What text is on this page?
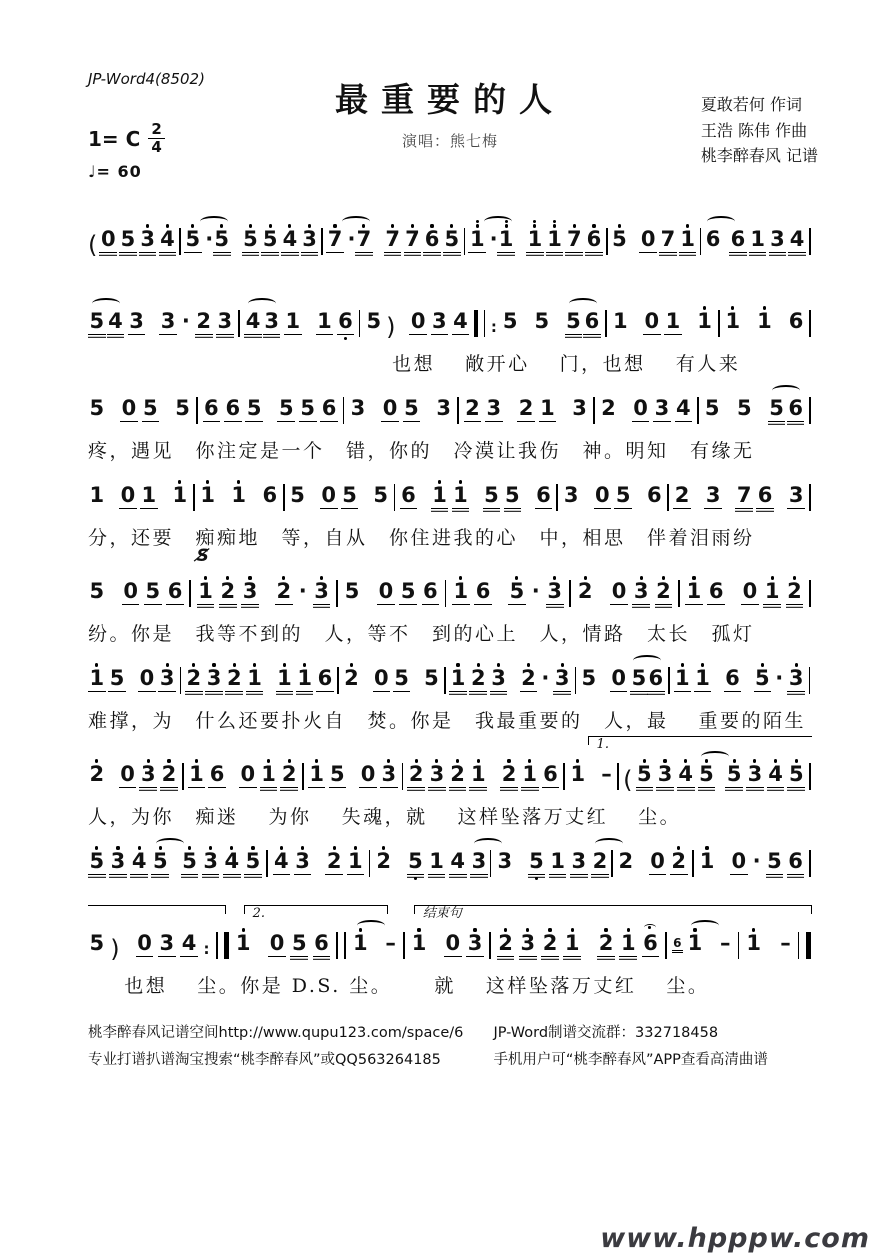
JP-Word4(8502)
最重要的人
演唱：熊七梅
夏敢若何 作词
王浩 陈伟 作曲
桃李醉春风 记谱
1= C $\frac{2}{4}$
♩= 60
( 0 5 3 4 5 · 5 5 5 4 3 7 · 7 7 7 6 5 1 · 1 1 1 7 6 5 0 7 1 6 6 1 3 4
5 4 3 3 · 2 3 4 3 1 1 6 5 ) 0 3 4 : 5 5 5 6 1 0 1 1 1 1 6
也想　 敞开心　 门，也想　 有人来
5 0 5 5 6 6 5 5 5 6 3 0 5 3 2 3 2 1 3 2 0 3 4 5 5 5 6
疼，遇见　你注定是一个　错，你的　冷漠让我伤　神。明知　有缘无
1 0 1 1 1 1 6 5 0 5 5 6 1 1 5 5 6 3 0 5 6 2 3 7 6 3
分，还要　痴痴地　等，自从　你住进我的心　中，相思　伴着泪雨纷
S̸
5 0 5 6 1 2 3 2 · 3 5 0 5 6 1 6 5 · 3 2 0 3 2 1 6 0 1 2
纷。你是　我等不到的　人，等不　到的心上　人，情路　太长　孤灯
1 5 0 3 2 3 2 1 1 1 6 2 0 5 5 1 2 3 2 · 3 5 0 5 6 1 1 6 5 · 3
难撑，为　什么还要扑火自　焚。你是　我最重要的　人，最　 重要的陌生
1.
2 0 3 2 1 6 0 1 2 1 5 0 3 2 3 2 1 2 1 6 1 – ( 5 3 4 5 5 3 4 5
人，为你　痴迷　 为你　 失魂，就　 这样坠落万丈红　 尘。
5 3 4 5 5 3 4 5 4 3 2 1 2 5 1 4 3 3 5 1 3 2 2 0 2 1 0 · 5 6
2.	结束句
5 ) 0 3 4 : 1 0 5 6 1 – 1 0 3 2 3 2 1 2 1 6 6 1 – 1 –
也想　 尘。你是 D.S. 尘。　　 就　 这样坠落万丈红　 尘。
桃李醉春风记谱空间http://www.qupu123.com/space/6
专业打谱扒谱淘宝搜索“桃李醉春风”或QQ563264185
JP-Word制谱交流群：332718458
手机用户可“桃李醉春风”APP查看高清曲谱
www.hpppw.com
